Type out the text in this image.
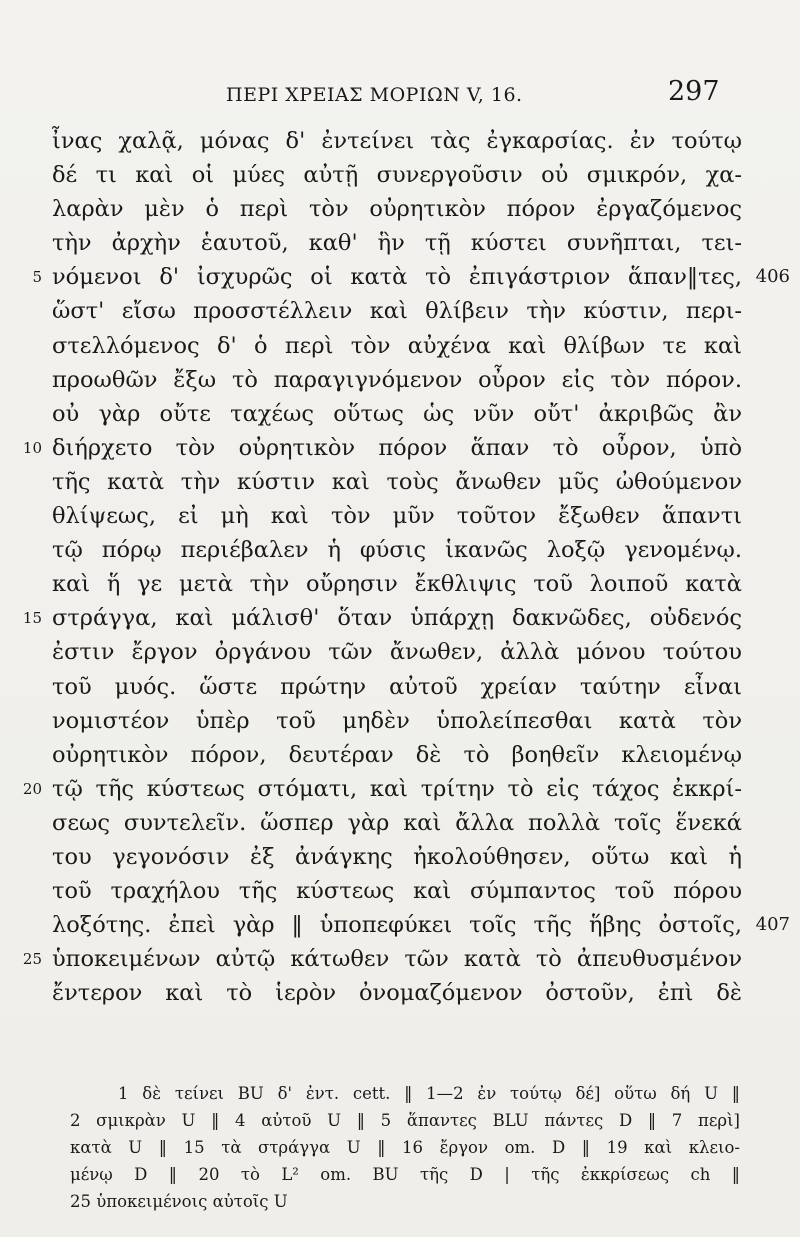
ΠΕΡΙ ΧΡΕΙΑΣ ΜΟΡΙΩΝ V, 16.	297
ἶνας χαλᾷ, μόνας δ' ἐντείνει τὰς ἐγκαρσίας. ἐν τούτῳ
δέ τι καὶ οἱ μύες αὐτῇ συνεργοῦσιν οὐ σμικρόν, χα-
λαρὰν μὲν ὁ περὶ τὸν οὐρητικὸν πόρον ἐργαζόμενος
τὴν ἀρχὴν ἑαυτοῦ, καθ' ἣν τῇ κύστει συνῆπται, τει-
5 νόμενοι δ' ἰσχυρῶς οἱ κατὰ τὸ ἐπιγάστριον ἅπαν‖τες, 406
ὥστ' εἴσω προσστέλλειν καὶ θλίβειν τὴν κύστιν, περι-
στελλόμενος δ' ὁ περὶ τὸν αὐχένα καὶ θλίβων τε καὶ
προωθῶν ἔξω τὸ παραγιγνόμενον οὖρον εἰς τὸν πόρον.
οὐ γὰρ οὔτε ταχέως οὕτως ὡς νῦν οὔτ' ἀκριβῶς ἂν
10 διήρχετο τὸν οὐρητικὸν πόρον ἅπαν τὸ οὖρον, ὑπὸ
τῆς κατὰ τὴν κύστιν καὶ τοὺς ἄνωθεν μῦς ὠθούμενον
θλίψεως, εἰ μὴ καὶ τὸν μῦν τοῦτον ἔξωθεν ἅπαντι
τῷ πόρῳ περιέβαλεν ἡ φύσις ἱκανῶς λοξῷ γενομένῳ.
καὶ ἥ γε μετὰ τὴν οὔρησιν ἔκθλιψις τοῦ λοιποῦ κατὰ
15 στράγγα, καὶ μάλισθ' ὅταν ὑπάρχῃ δακνῶδες, οὐδενός
ἐστιν ἔργον ὀργάνου τῶν ἄνωθεν, ἀλλὰ μόνου τούτου
τοῦ μυός. ὥστε πρώτην αὐτοῦ χρείαν ταύτην εἶναι
νομιστέον ὑπὲρ τοῦ μηδὲν ὑπολείπεσθαι κατὰ τὸν
οὐρητικὸν πόρον, δευτέραν δὲ τὸ βοηθεῖν κλειομένῳ
20 τῷ τῆς κύστεως στόματι, καὶ τρίτην τὸ εἰς τάχος ἐκκρί-
σεως συντελεῖν. ὥσπερ γὰρ καὶ ἄλλα πολλὰ τοῖς ἕνεκά
του γεγονόσιν ἐξ ἀνάγκης ἠκολούθησεν, οὕτω καὶ ἡ
τοῦ τραχήλου τῆς κύστεως καὶ σύμπαντος τοῦ πόρου
λοξότης. ἐπεὶ γὰρ ‖ ὑποπεφύκει τοῖς τῆς ἥβης ὀστοῖς, 407
25 ὑποκειμένων αὐτῷ κάτωθεν τῶν κατὰ τὸ ἀπευθυσμένον
ἔντερον καὶ τὸ ἱερὸν ὀνομαζόμενον ὀστοῦν, ἐπὶ δὲ
1 δὲ τείνει BU δ' ἐντ. cett. ‖ 1—2 ἐν τούτῳ δέ] οὕτω δή U ‖
2 σμικρὰν U ‖ 4 αὐτοῦ U ‖ 5 ἅπαντες BLU πάντες D ‖ 7 περὶ]
κατὰ U ‖ 15 τὰ στράγγα U ‖ 16 ἔργον om. D ‖ 19 καὶ κλειο-
μένῳ D ‖ 20 τὸ L² om. BU τῆς D | τῆς ἐκκρίσεως ch ‖
25 ὑποκειμένοις αὐτοῖς U
